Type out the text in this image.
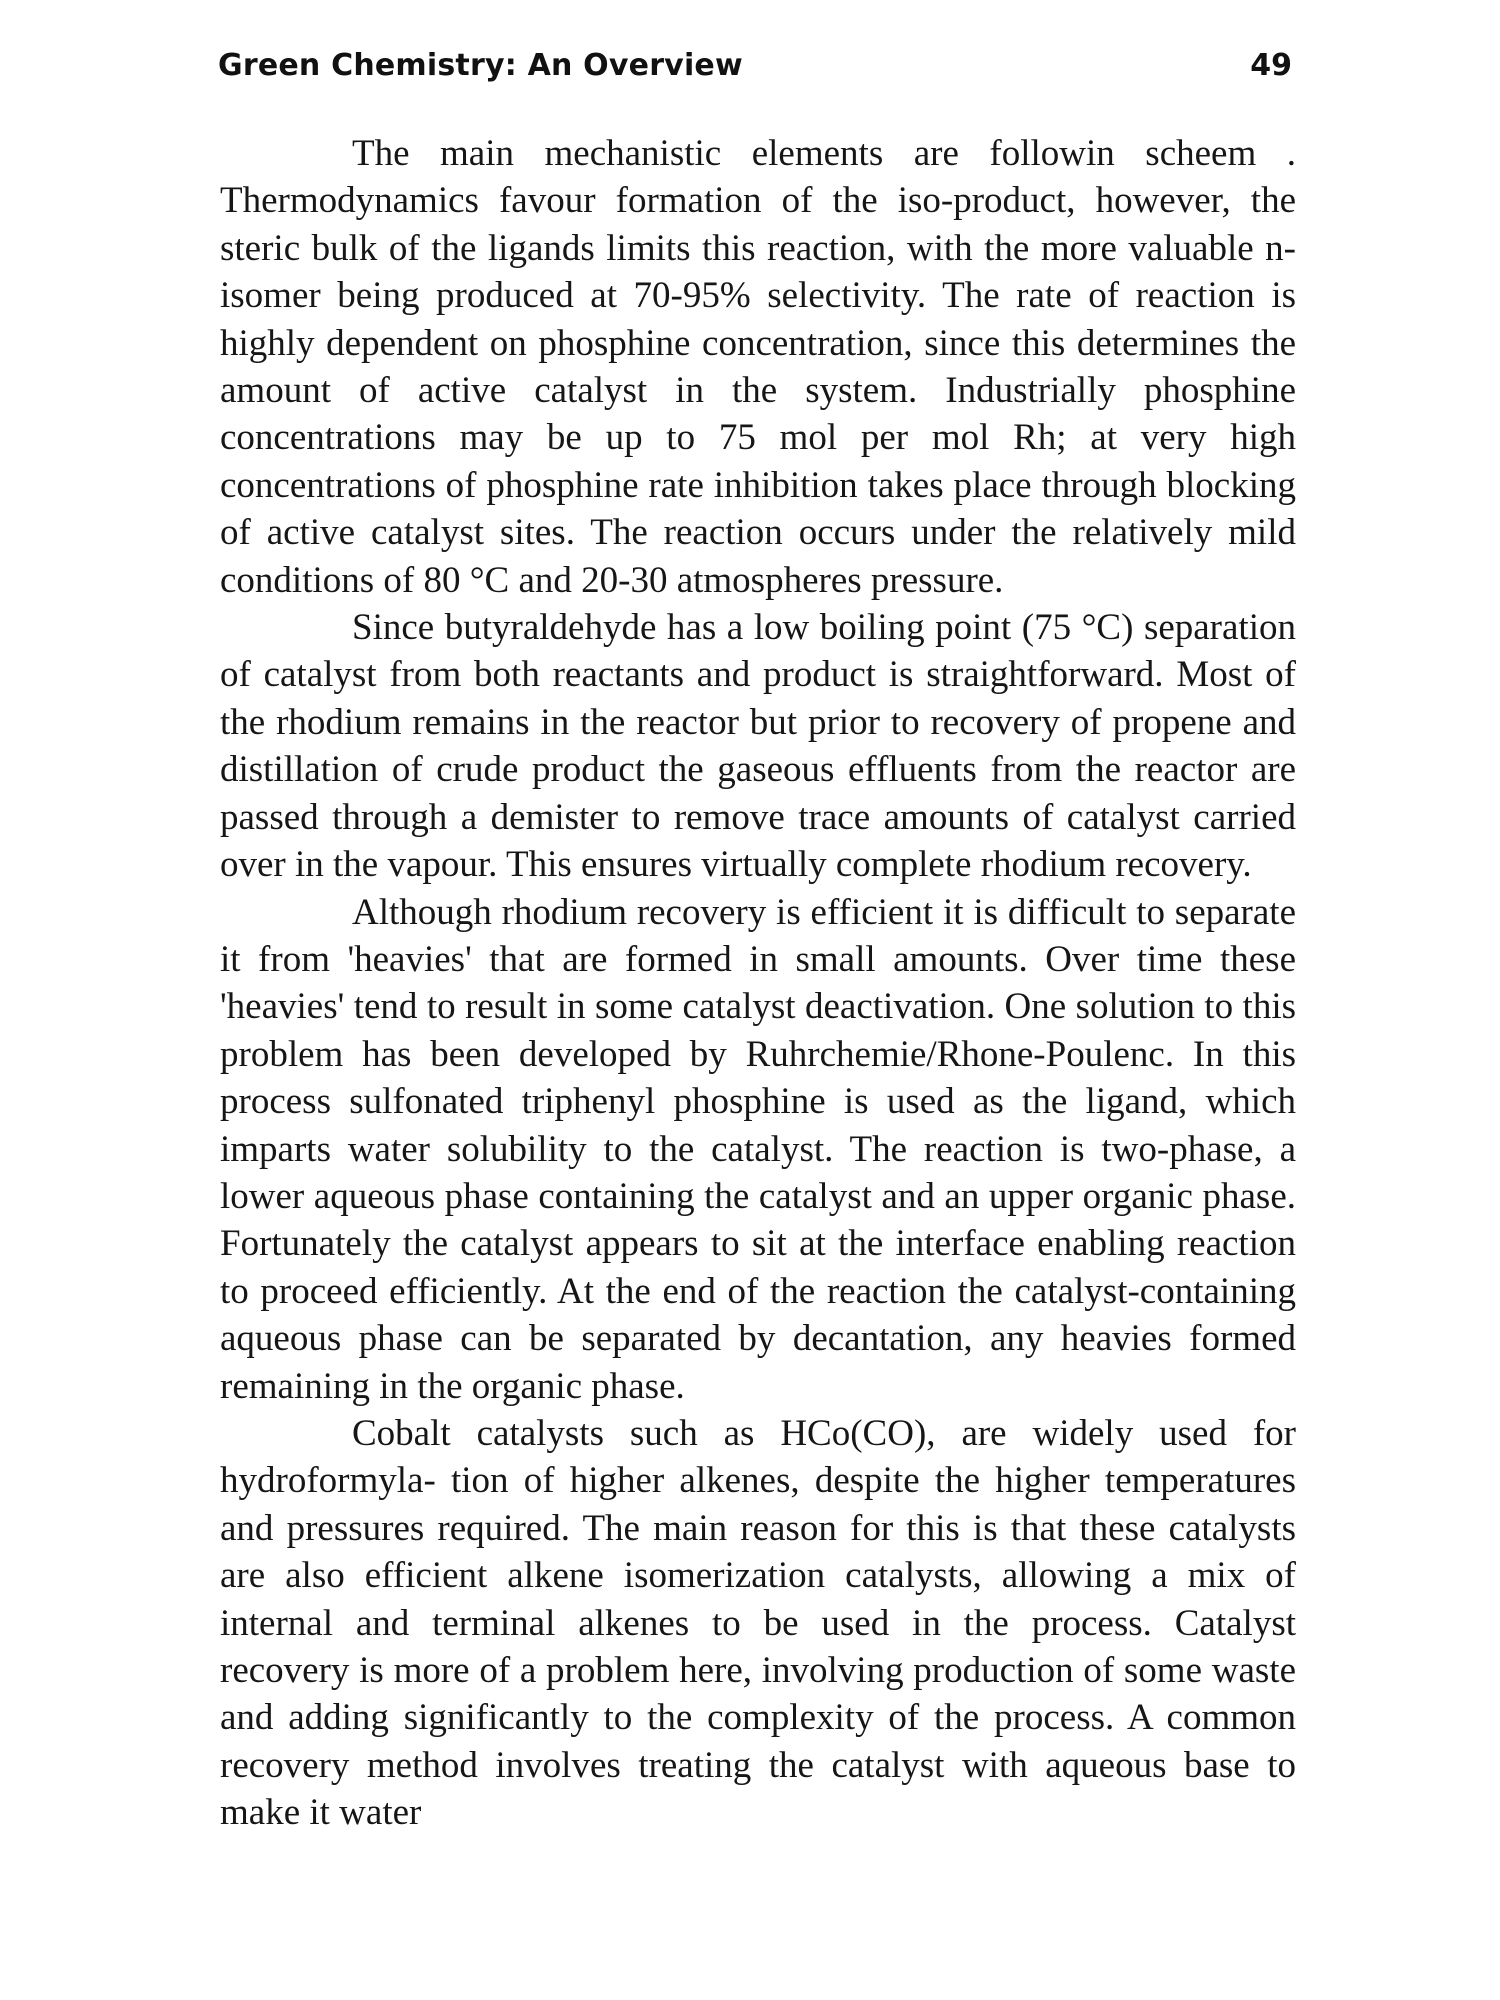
Green Chemistry: An Overview	49

The main mechanistic elements are followin scheem . Thermodynamics favour formation of the iso-product, however, the steric bulk of the ligands limits this reaction, with the more valuable n-isomer being produced at 70-95% selectivity. The rate of reaction is highly dependent on phosphine concentration, since this determines the amount of active catalyst in the system. Industrially phosphine concentrations may be up to 75 mol per mol Rh; at very high concentrations of phosphine rate inhibition takes place through blocking of active catalyst sites. The reaction occurs under the relatively mild conditions of 80 °C and 20-30 atmospheres pressure.

Since butyraldehyde has a low boiling point (75 °C) separation of catalyst from both reactants and product is straightforward. Most of the rhodium remains in the reactor but prior to recovery of propene and distillation of crude product the gaseous effluents from the reactor are passed through a demister to remove trace amounts of catalyst carried over in the vapour. This ensures virtually complete rhodium recovery.

Although rhodium recovery is efficient it is difficult to separate it from 'heavies' that are formed in small amounts. Over time these 'heavies' tend to result in some catalyst deactivation. One solution to this problem has been developed by Ruhrchemie/Rhone-Poulenc. In this process sulfonated triphenyl phosphine is used as the ligand, which imparts water solubility to the catalyst. The reaction is two-phase, a lower aqueous phase containing the catalyst and an upper organic phase. Fortunately the catalyst appears to sit at the interface enabling reaction to proceed efficiently. At the end of the reaction the catalyst-containing aqueous phase can be separated by decantation, any heavies formed remaining in the organic phase.

Cobalt catalysts such as HCo(CO), are widely used for hydroformyla- tion of higher alkenes, despite the higher temperatures and pressures required. The main reason for this is that these catalysts are also efficient alkene isomerization catalysts, allowing a mix of internal and terminal alkenes to be used in the process. Catalyst recovery is more of a problem here, involving production of some waste and adding significantly to the complexity of the process. A common recovery method involves treating the catalyst with aqueous base to make it water
